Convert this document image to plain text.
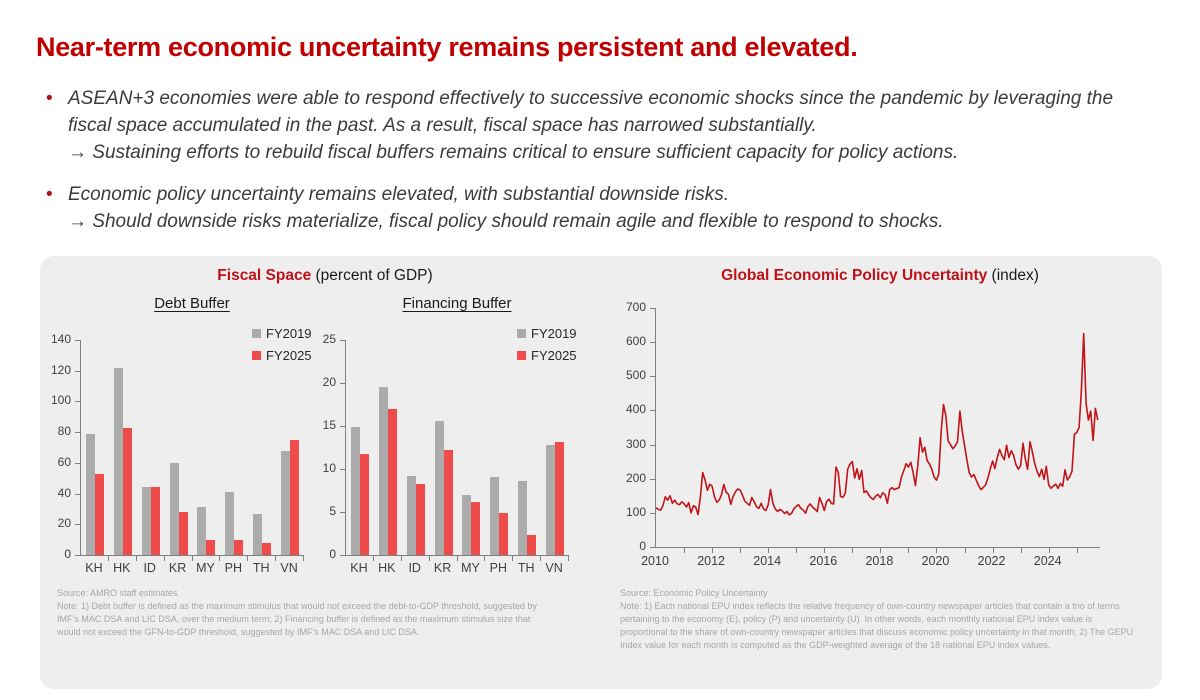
Near-term economic uncertainty remains persistent and elevated.
• ASEAN+3 economies were able to respond effectively to successive economic shocks since the pandemic by leveraging the fiscal space accumulated in the past. As a result, fiscal space has narrowed substantially.
→ Sustaining efforts to rebuild fiscal buffers remains critical to ensure sufficient capacity for policy actions.
• Economic policy uncertainty remains elevated, with substantial downside risks.
→ Should downside risks materialize, fiscal policy should remain agile and flexible to respond to shocks.
Fiscal Space (percent of GDP)
Debt Buffer	Financing Buffer
0
20
40
60
80
100
120
140
KH HK	ID	KR MY PH TH VN
0
5
10
15
20
25
KH HK	ID	KR MY PH TH VN
FY2019
FY2025
FY2019
FY2025
Global Economic Policy Uncertainty (index)
0
100
200
300
400
500
600
700
2010	2012	2014	2016	2018	2020	2022	2024
Source: AMRO staff estimates.
Note: 1) Debt buffer is defined as the maximum stimulus that would not exceed the debt-to-GDP threshold, suggested by IMF’s MAC DSA and LIC DSA, over the medium term; 2) Financing buffer is defined as the maximum stimulus size that would not exceed the GFN-to-GDP threshold, suggested by IMF’s MAC DSA and LIC DSA.
Source: Economic Policy Uncertainty
Note: 1) Each national EPU index reflects the relative frequency of own-country newspaper articles that contain a trio of terms pertaining to the economy (E), policy (P) and uncertainty (U). In other words, each monthly national EPU index value is proportional to the share of own-country newspaper articles that discuss economic policy uncertainty in that month; 2) The GEPU Index value for each month is computed as the GDP-weighted average of the 18 national EPU index values.
